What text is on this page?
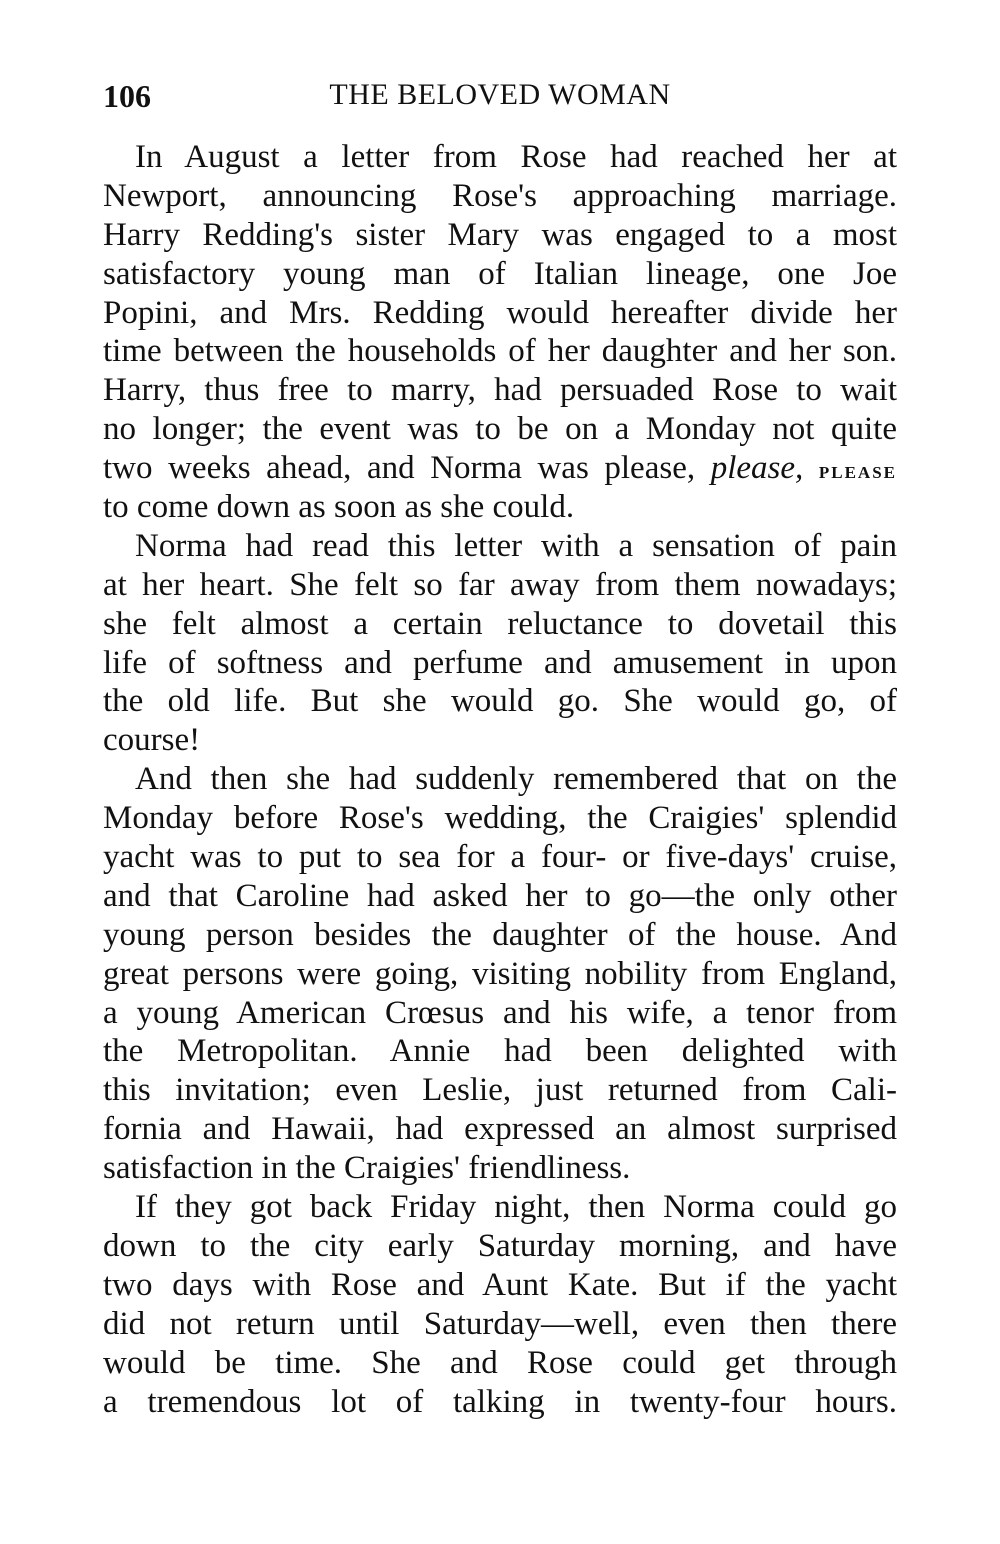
106	THE BELOVED WOMAN
In August a letter from Rose had reached her at
Newport, announcing Rose's approaching marriage.
Harry Redding's sister Mary was engaged to a most
satisfactory young man of Italian lineage, one Joe
Popini, and Mrs. Redding would hereafter divide her
time between the households of her daughter and her son.
Harry, thus free to marry, had persuaded Rose to wait
no longer; the event was to be on a Monday not quite
two weeks ahead, and Norma was please, please, please
to come down as soon as she could.
Norma had read this letter with a sensation of pain
at her heart. She felt so far away from them nowadays;
she felt almost a certain reluctance to dovetail this
life of softness and perfume and amusement in upon
the old life. But she would go. She would go, of
course!
And then she had suddenly remembered that on the
Monday before Rose's wedding, the Craigies' splendid
yacht was to put to sea for a four- or five-days' cruise,
and that Caroline had asked her to go—the only other
young person besides the daughter of the house. And
great persons were going, visiting nobility from England,
a young American Crœsus and his wife, a tenor from
the Metropolitan. Annie had been delighted with
this invitation; even Leslie, just returned from Cali-
fornia and Hawaii, had expressed an almost surprised
satisfaction in the Craigies' friendliness.
If they got back Friday night, then Norma could go
down to the city early Saturday morning, and have
two days with Rose and Aunt Kate. But if the yacht
did not return until Saturday—well, even then there
would be time. She and Rose could get through
a tremendous lot of talking in twenty-four hours.
